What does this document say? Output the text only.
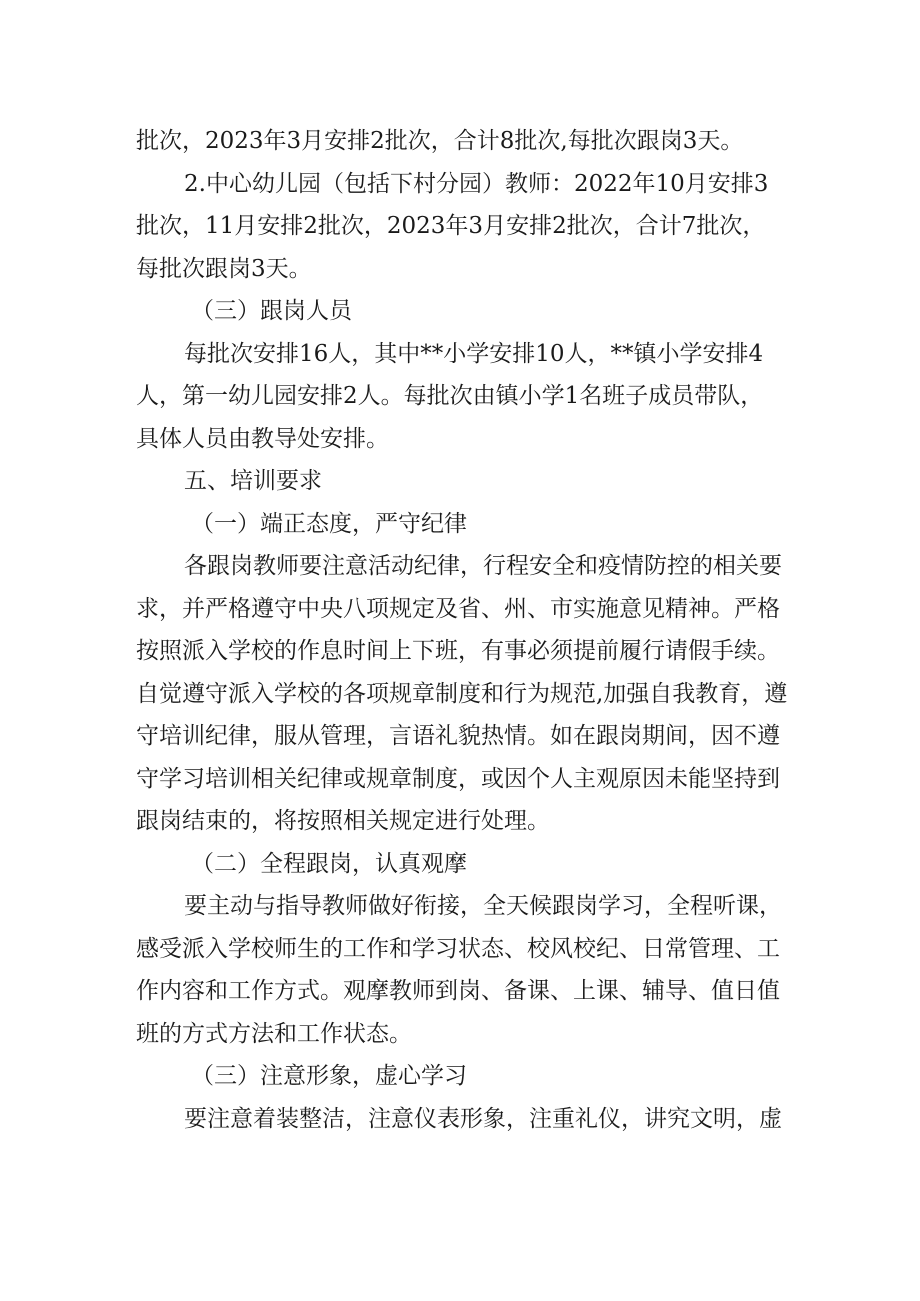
批次，2023年3月安排2批次，合计8批次,每批次跟岗3天。

2.中心幼儿园（包括下村分园）教师：2022年10月安排3

批次，11月安排2批次，2023年3月安排2批次，合计7批次，

每批次跟岗3天。

（三）跟岗人员

每批次安排16人，其中**小学安排10人，**镇小学安排4

人，第一幼儿园安排2人。每批次由镇小学1名班子成员带队，

具体人员由教导处安排。

五、培训要求

（一）端正态度，严守纪律

各跟岗教师要注意活动纪律，行程安全和疫情防控的相关要

求，并严格遵守中央八项规定及省、州、市实施意见精神。严格

按照派入学校的作息时间上下班，有事必须提前履行请假手续。

自觉遵守派入学校的各项规章制度和行为规范,加强自我教育，遵

守培训纪律，服从管理，言语礼貌热情。如在跟岗期间，因不遵

守学习培训相关纪律或规章制度，或因个人主观原因未能坚持到

跟岗结束的，将按照相关规定进行处理。

（二）全程跟岗，认真观摩

要主动与指导教师做好衔接，全天候跟岗学习，全程听课，

感受派入学校师生的工作和学习状态、校风校纪、日常管理、工

作内容和工作方式。观摩教师到岗、备课、上课、辅导、值日值

班的方式方法和工作状态。

（三）注意形象，虚心学习

要注意着装整洁，注意仪表形象，注重礼仪，讲究文明，虚
